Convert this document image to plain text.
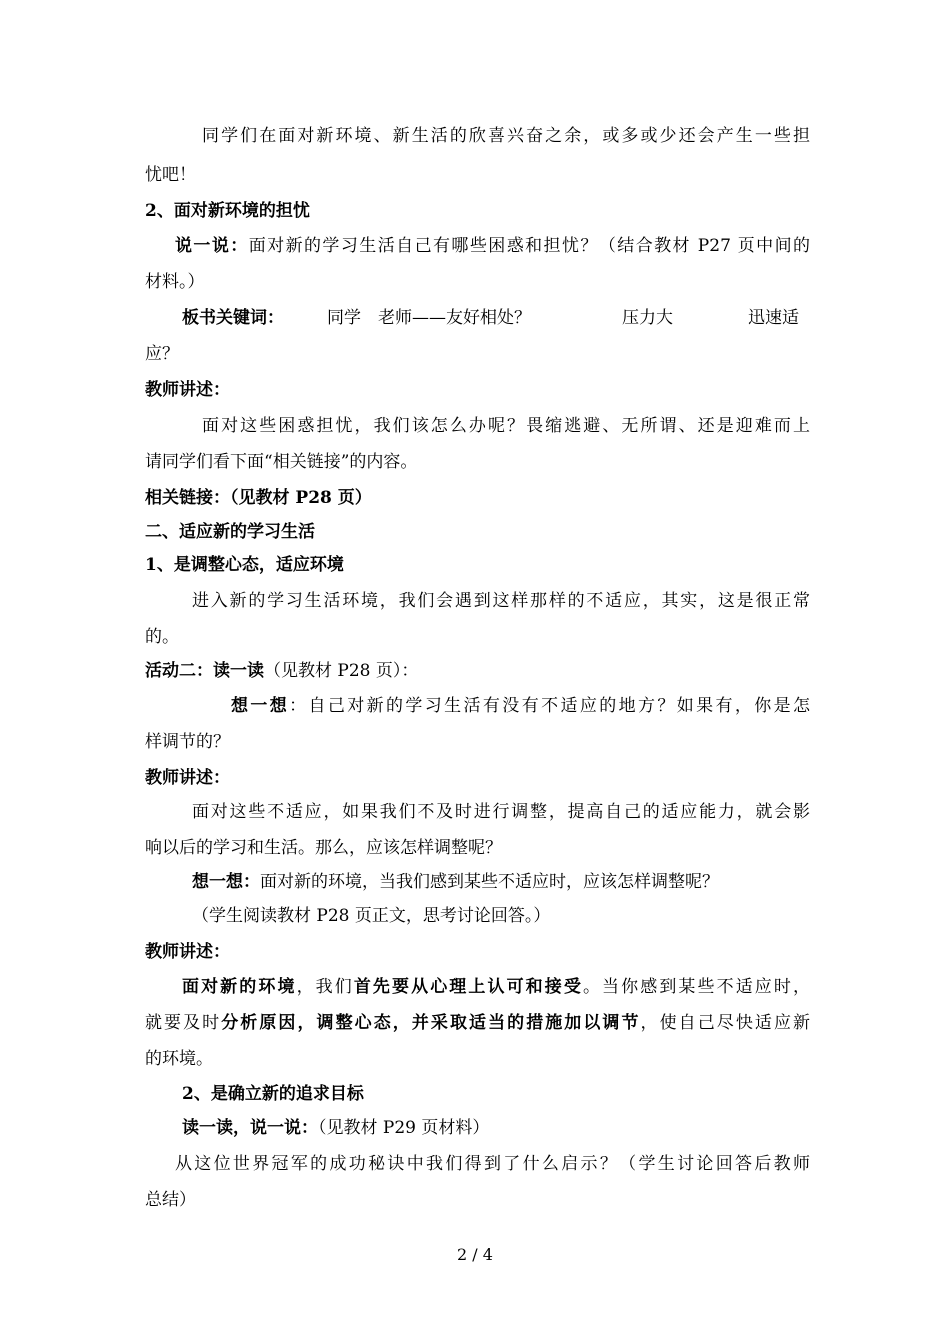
同学们在面对新环境、新生活的欣喜兴奋之余，或多或少还会产生一些担
忧吧！
2、面对新环境的担忧
说一说：面对新的学习生活自己有哪些困惑和担忧？（结合教材 P27 页中间的
材料。）
板书关键词：	同学　老师——友好相处？	压力大	迅速适
应？
教师讲述：
面对这些困惑担忧，我们该怎么办呢？畏缩逃避、无所谓、还是迎难而上
请同学们看下面“相关链接”的内容。
相关链接：（见教材 P28 页）
二、适应新的学习生活
1、是调整心态，适应环境
进入新的学习生活环境，我们会遇到这样那样的不适应，其实，这是很正常
的。
活动二：读一读（见教材 P28 页）：
想一想：自己对新的学习生活有没有不适应的地方？如果有，你是怎
样调节的？
教师讲述：
面对这些不适应，如果我们不及时进行调整，提高自己的适应能力，就会影
响以后的学习和生活。那么，应该怎样调整呢？
想一想：面对新的环境，当我们感到某些不适应时，应该怎样调整呢？
（学生阅读教材 P28 页正文，思考讨论回答。）
教师讲述：
面对新的环境，我们首先要从心理上认可和接受。当你感到某些不适应时，
就要及时分析原因，调整心态，并采取适当的措施加以调节，使自己尽快适应新
的环境。
2、是确立新的追求目标
读一读，说一说：（见教材 P29 页材料）
从这位世界冠军的成功秘诀中我们得到了什么启示？（学生讨论回答后教师
总结）
2 / 4
